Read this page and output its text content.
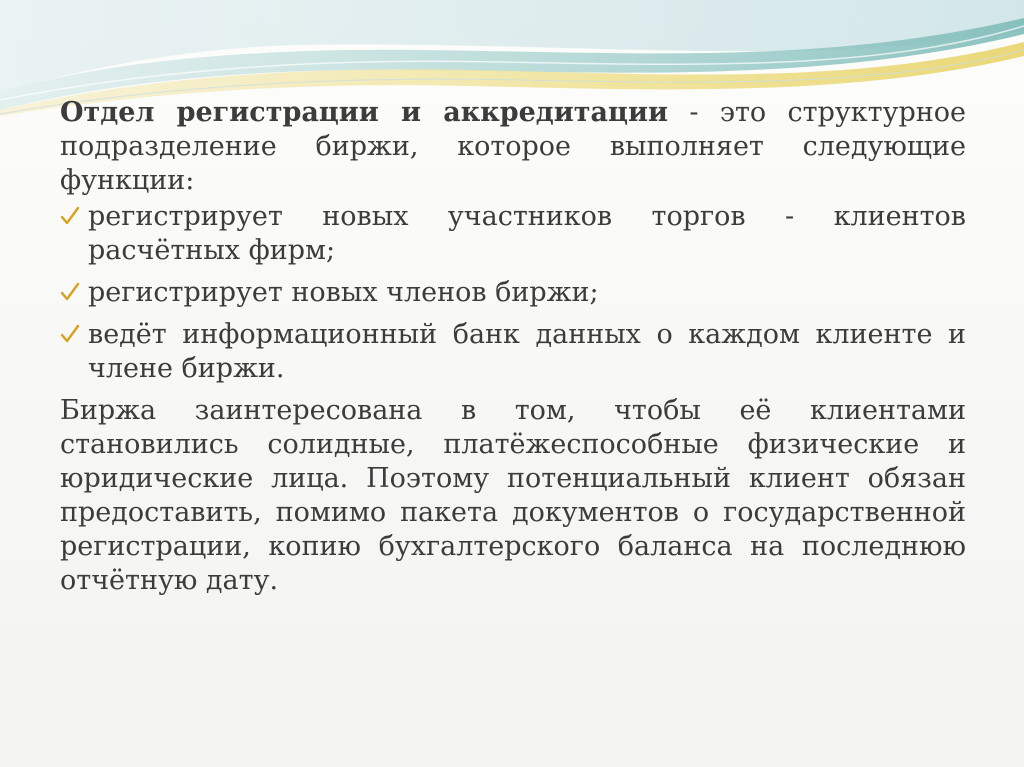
Отдел регистрации и аккредитации - это структурное подразделение биржи, которое выполняет следующие функции:

регистрирует новых участников торгов - клиентов расчётных фирм;
регистрирует новых членов биржи;
ведёт информационный банк данных о каждом клиенте и члене биржи.

Биржа заинтересована в том, чтобы её клиентами становились солидные, платёжеспособные физические и юридические лица. Поэтому потенциальный клиент обязан предоставить, помимо пакета документов о государственной регистрации, копию бухгалтерского баланса на последнюю отчётную дату.
